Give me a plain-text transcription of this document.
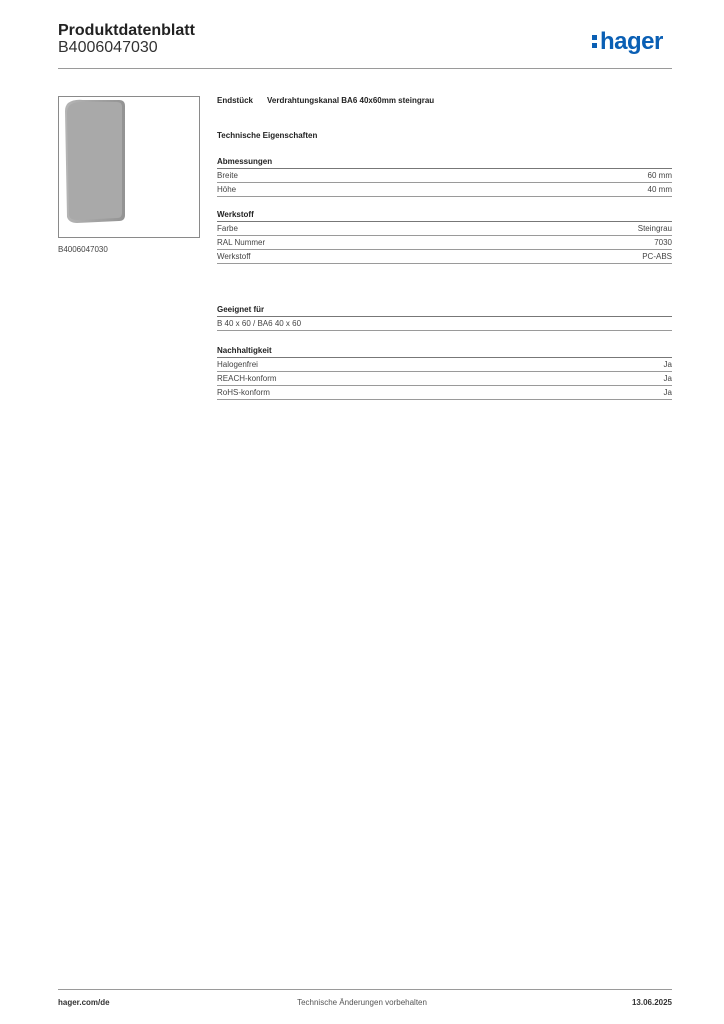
Produktdatenblatt
B4006047030	hager
B4006047030
Endstück Verdrahtungskanal BA6 40x60mm steingrau
Technische Eigenschaften
Abmessungen
Breite	60 mm
Höhe	40 mm
Werkstoff
Farbe	Steingrau
RAL Nummer	7030
Werkstoff	PC-ABS
Geeignet für
B 40 x 60 / BA6 40 x 60
Nachhaltigkeit
Halogenfrei	Ja
REACH-konform	Ja
RoHS-konform	Ja
hager.com/de	Technische Änderungen vorbehalten	13.06.2025
